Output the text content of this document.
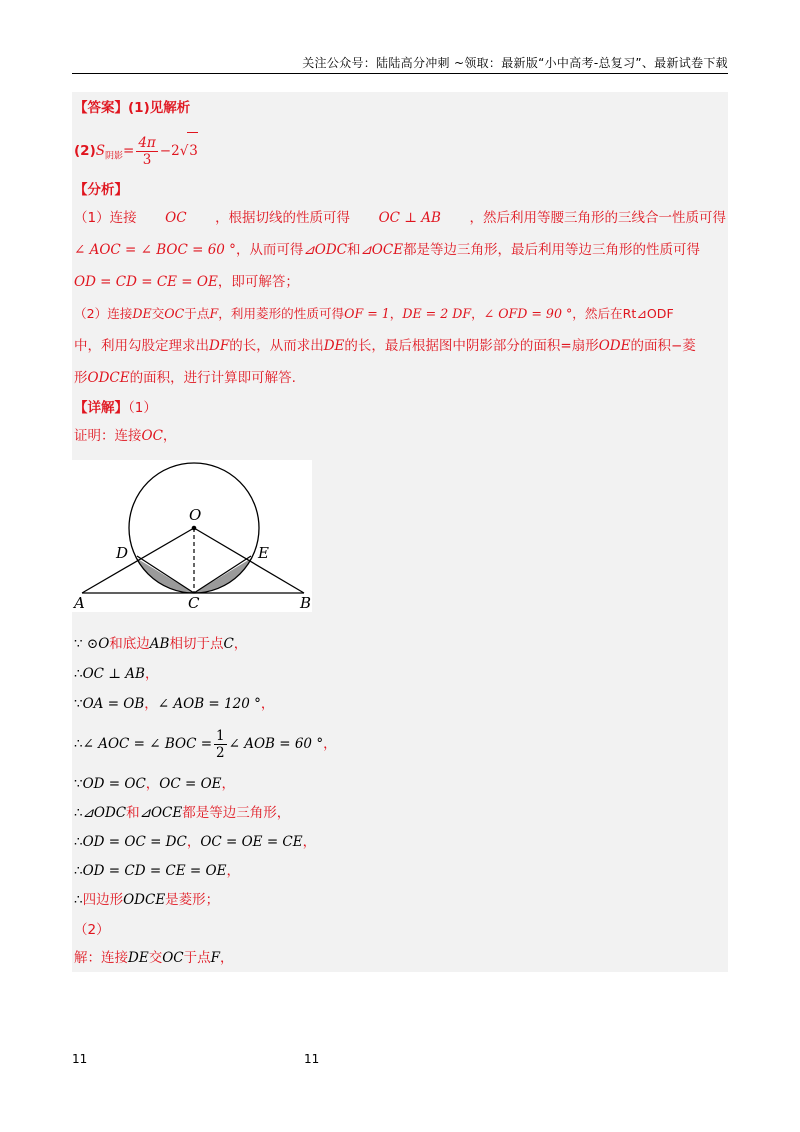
关注公众号：陆陆高分冲刺 ~领取：最新版“小中高考-总复习”、最新试卷下载
【答案】(1)见解析
$(2)S_{阴影}= \frac{4\pi}{3} -2√3$
【分析】
（1）连接 OC ，根据切线的性质可得 OC ⊥ AB ，然后利用等腰三角形的三线合一性质可得
∠ AOC = ∠ BOC = 60 °，从而可得⊿ODC和⊿OCE都是等边三角形，最后利用等边三角形的性质可得
OD = CD = CE = OE，即可解答；
（2）连接DE交OC于点F，利用菱形的性质可得OF = 1，DE = 2 DF，∠ OFD = 90 °，然后在Rt⊿ODF
中，利用勾股定理求出DF的长，从而求出DE的长，最后根据图中阴影部分的面积=扇形ODE的面积−菱
形ODCE的面积，进行计算即可解答.
【详解】（1）
证明：连接OC，
O
D	E
A	C	B
∵ ⊙O和底边AB相切于点C，
∴OC ⊥ AB，
∵OA = OB，∠ AOB = 120 °，
∴∠ AOC = ∠ BOC = $\frac{1}{2}$ ∠ AOB = 60 °，
∵OD = OC，OC = OE，
∴⊿ODC和⊿OCE都是等边三角形，
∴OD = OC = DC，OC = OE = CE，
∴OD = CD = CE = OE，
∴四边形ODCE是菱形；
（2）
解：连接DE交OC于点F，
11	11
